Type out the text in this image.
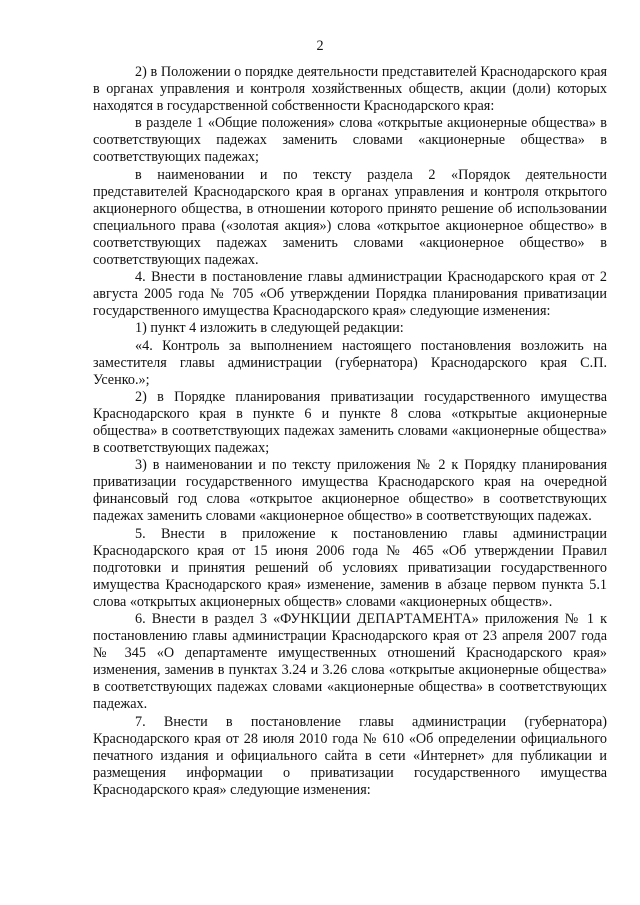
2

2) в Положении о порядке деятельности представителей Краснодарского края в органах управления и контроля хозяйственных обществ, акции (доли) которых находятся в государственной собственности Краснодарского края:

в разделе 1 «Общие положения» слова «открытые акционерные общества» в соответствующих падежах заменить словами «акционерные общества» в соответствующих падежах;

в наименовании и по тексту раздела 2 «Порядок деятельности представителей Краснодарского края в органах управления и контроля открытого акционерного общества, в отношении которого принято решение об использовании специального права («золотая акция») слова «открытое акционерное общество» в соответствующих падежах заменить словами «акционерное общество» в соответствующих падежах.

4. Внести в постановление главы администрации Краснодарского края от 2 августа 2005 года № 705 «Об утверждении Порядка планирования приватизации государственного имущества Краснодарского края» следующие изменения:

1) пункт 4 изложить в следующей редакции:

«4. Контроль за выполнением настоящего постановления возложить на заместителя главы администрации (губернатора) Краснодарского края С.П. Усенко.»;

2) в Порядке планирования приватизации государственного имущества Краснодарского края в пункте 6 и пункте 8 слова «открытые акционерные общества» в соответствующих падежах заменить словами «акционерные общества» в соответствующих падежах;

3) в наименовании и по тексту приложения № 2 к Порядку планирования приватизации государственного имущества Краснодарского края на очередной финансовый год слова «открытое акционерное общество» в соответствующих падежах заменить словами «акционерное общество» в соответствующих падежах.

5. Внести в приложение к постановлению главы администрации Краснодарского края от 15 июня 2006 года № 465 «Об утверждении Правил подготовки и принятия решений об условиях приватизации государственного имущества Краснодарского края» изменение, заменив в абзаце первом пункта 5.1 слова «открытых акционерных обществ» словами «акционерных обществ».

6. Внести в раздел 3 «ФУНКЦИИ ДЕПАРТАМЕНТА» приложения № 1 к постановлению главы администрации Краснодарского края от 23 апреля 2007 года № 345 «О департаменте имущественных отношений Краснодарского края» изменения, заменив в пунктах 3.24 и 3.26 слова «открытые акционерные общества» в соответствующих падежах словами «акционерные общества» в соответствующих падежах.

7. Внести в постановление главы администрации (губернатора) Краснодарского края от 28 июля 2010 года № 610 «Об определении официального печатного издания и официального сайта в сети «Интернет» для публикации и размещения информации о приватизации государственного имущества Краснодарского края» следующие изменения:
